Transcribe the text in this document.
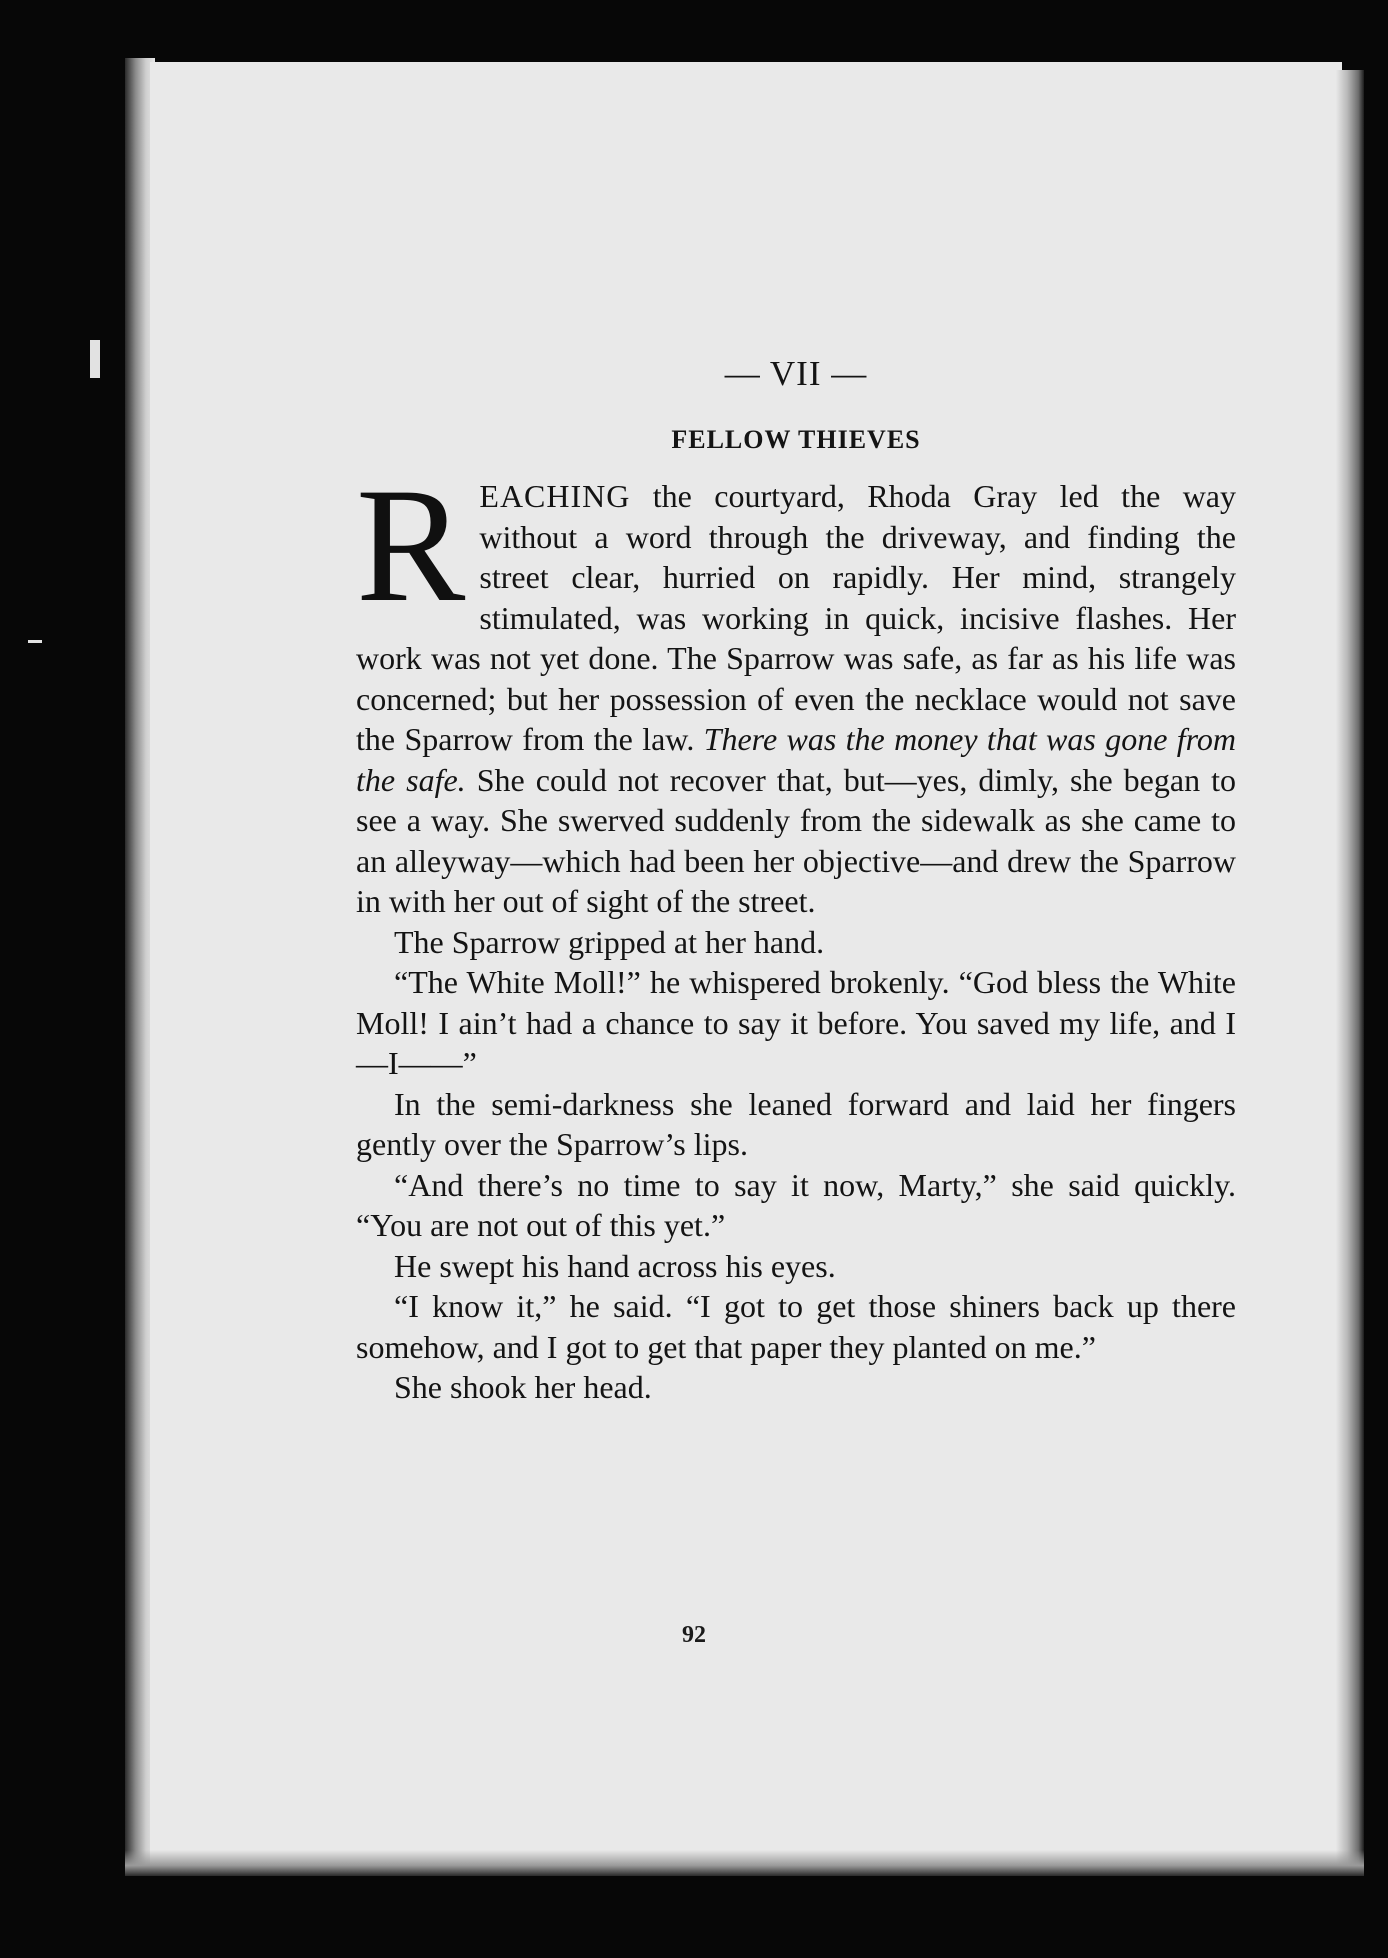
— VII —
FELLOW THIEVES

REACHING the courtyard, Rhoda Gray led the way without a word through the driveway, and finding the street clear, hurried on rapidly. Her mind, strangely stimulated, was working in quick, incisive flashes. Her work was not yet done. The Sparrow was safe, as far as his life was concerned; but her possession of even the necklace would not save the Sparrow from the law. There was the money that was gone from the safe. She could not recover that, but—yes, dimly, she began to see a way. She swerved suddenly from the sidewalk as she came to an alleyway—which had been her objective—and drew the Sparrow in with her out of sight of the street.

The Sparrow gripped at her hand.

“The White Moll!” he whispered brokenly. “God bless the White Moll! I ain’t had a chance to say it before. You saved my life, and I—I——”

In the semi-darkness she leaned forward and laid her fingers gently over the Sparrow’s lips.

“And there’s no time to say it now, Marty,” she said quickly. “You are not out of this yet.”

He swept his hand across his eyes.

“I know it,” he said. “I got to get those shiners back up there somehow, and I got to get that paper they planted on me.”

She shook her head.

92
